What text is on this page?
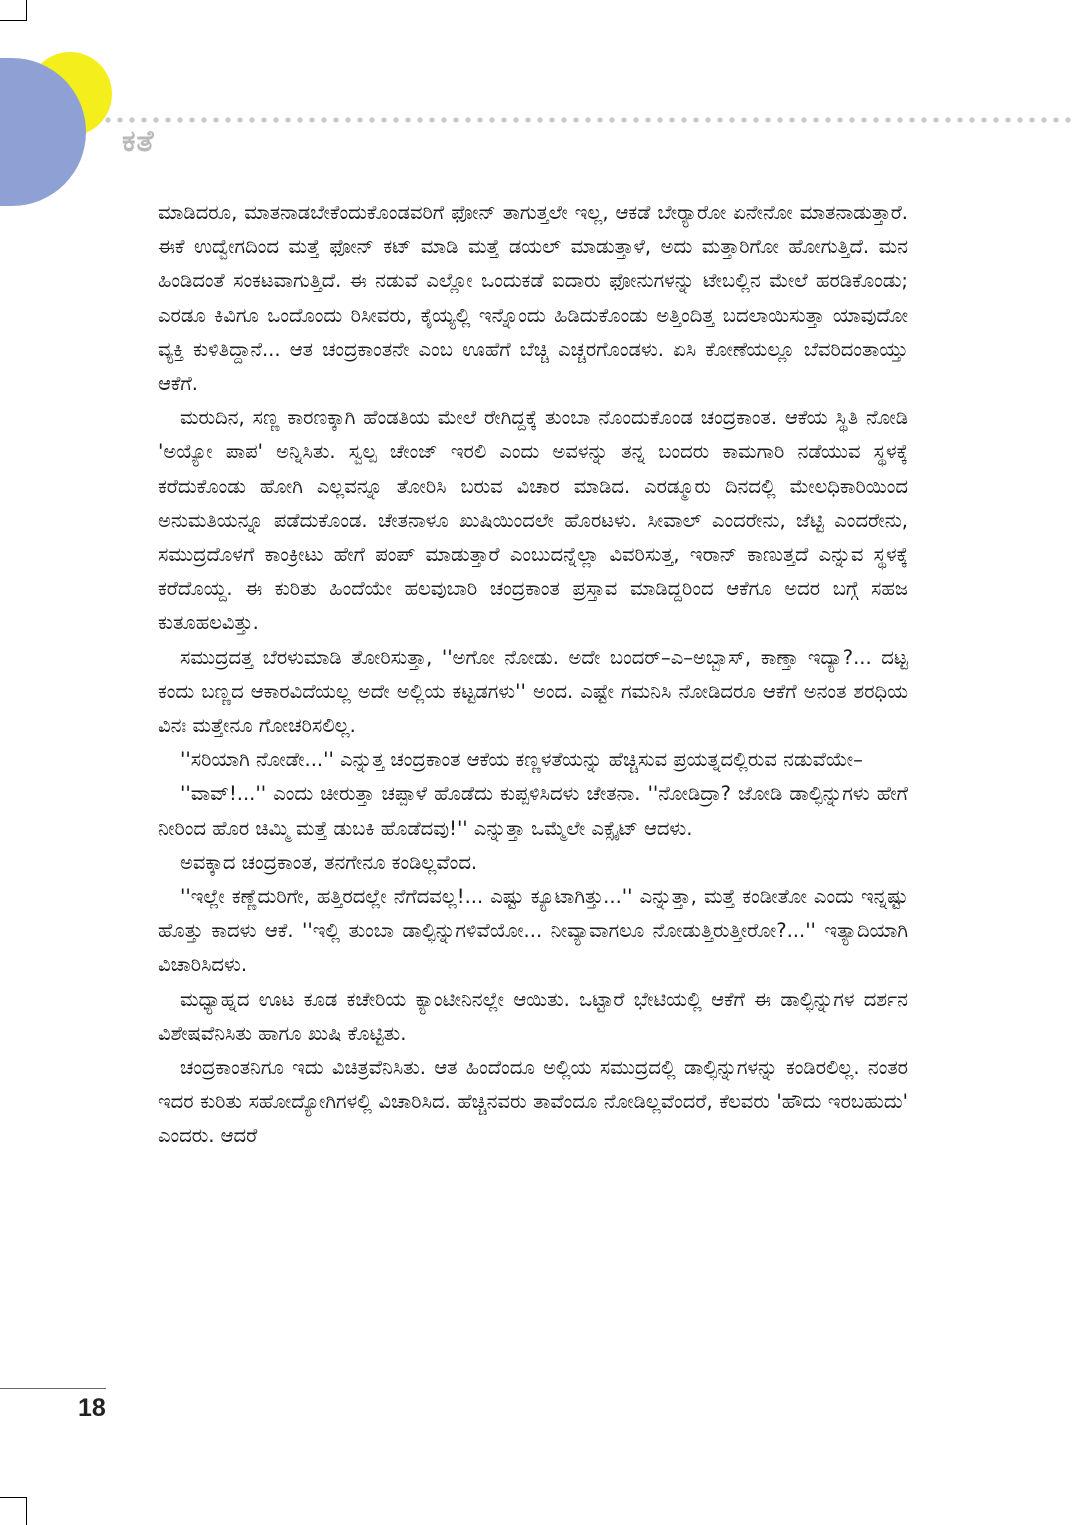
ಕತೆ

ಮಾಡಿದರೂ, ಮಾತನಾಡಬೇಕೆಂದುಕೊಂಡವರಿಗೆ ಫೋನ್ ತಾಗುತ್ತಲೇ ಇಲ್ಲ, ಆಕಡೆ ಬೇರ್‍ಯಾರೋ ಏನೇನೋ ಮಾತನಾಡುತ್ತಾರೆ. ಈಕೆ ಉದ್ವೇಗದಿಂದ ಮತ್ತೆ ಫೋನ್ ಕಟ್ ಮಾಡಿ ಮತ್ತೆ ಡಯಲ್ ಮಾಡುತ್ತಾಳೆ, ಅದು ಮತ್ತಾರಿಗೋ ಹೋಗುತ್ತಿದೆ. ಮನ ಹಿಂಡಿದಂತೆ ಸಂಕಟವಾಗುತ್ತಿದೆ. ಈ ನಡುವೆ ಎಲ್ಲೋ ಒಂದುಕಡೆ ಐದಾರು ಫೋನುಗಳನ್ನು ಟೇಬಲ್ಲಿನ ಮೇಲೆ ಹರಡಿಕೊಂಡು; ಎರಡೂ ಕಿವಿಗೂ ಒಂದೊಂದು ರಿಸೀವರು, ಕೈಯ್ಯಲ್ಲಿ ಇನ್ನೊಂದು ಹಿಡಿದುಕೊಂಡು ಅತ್ತಿಂದಿತ್ತ ಬದಲಾಯಿಸುತ್ತಾ ಯಾವುದೋ ವ್ಯಕ್ತಿ ಕುಳಿತಿದ್ದಾನೆ... ಆತ ಚಂದ್ರಕಾಂತನೇ ಎಂಬ ಊಹೆಗೆ ಬೆಚ್ಚಿ ಎಚ್ಚರಗೊಂಡಳು. ಏಸಿ ಕೋಣೆಯಲ್ಲೂ ಬೆವರಿದಂತಾಯ್ತು ಆಕೆಗೆ.

ಮರುದಿನ, ಸಣ್ಣ ಕಾರಣಕ್ಕಾಗಿ ಹೆಂಡತಿಯ ಮೇಲೆ ರೇಗಿದ್ದಕ್ಕೆ ತುಂಬಾ ನೊಂದುಕೊಂಡ ಚಂದ್ರಕಾಂತ. ಆಕೆಯ ಸ್ಥಿತಿ ನೋಡಿ 'ಅಯ್ಯೋ ಪಾಪ' ಅನ್ನಿಸಿತು. ಸ್ವಲ್ಪ ಚೇಂಜ್ ಇರಲಿ ಎಂದು ಅವಳನ್ನು ತನ್ನ ಬಂದರು ಕಾಮಗಾರಿ ನಡೆಯುವ ಸ್ಥಳಕ್ಕೆ ಕರೆದುಕೊಂಡು ಹೋಗಿ ಎಲ್ಲವನ್ನೂ ತೋರಿಸಿ ಬರುವ ವಿಚಾರ ಮಾಡಿದ. ಎರಡ್ಮೂರು ದಿನದಲ್ಲಿ ಮೇಲಧಿಕಾರಿಯಿಂದ ಅನುಮತಿಯನ್ನೂ ಪಡೆದುಕೊಂಡ. ಚೇತನಾಳೂ ಖುಷಿಯಿಂದಲೇ ಹೊರಟಳು. ಸೀವಾಲ್ ಎಂದರೇನು, ಜೆಟ್ಟಿ ಎಂದರೇನು, ಸಮುದ್ರದೊಳಗೆ ಕಾಂಕ್ರೀಟು ಹೇಗೆ ಪಂಪ್ ಮಾಡುತ್ತಾರೆ ಎಂಬುದನ್ನೆಲ್ಲಾ ವಿವರಿಸುತ್ತ, ಇರಾನ್ ಕಾಣುತ್ತದೆ ಎನ್ನುವ ಸ್ಥಳಕ್ಕೆ ಕರೆದೊಯ್ದ. ಈ ಕುರಿತು ಹಿಂದೆಯೇ ಹಲವುಬಾರಿ ಚಂದ್ರಕಾಂತ ಪ್ರಸ್ತಾವ ಮಾಡಿದ್ದರಿಂದ ಆಕೆಗೂ ಅದರ ಬಗ್ಗೆ ಸಹಜ ಕುತೂಹಲವಿತ್ತು.

ಸಮುದ್ರದತ್ತ ಬೆರಳುಮಾಡಿ ತೋರಿಸುತ್ತಾ, ''ಅಗೋ ನೋಡು. ಅದೇ ಬಂದರ್–ಎ–ಅಬ್ಬಾಸ್, ಕಾಣ್ತಾ ಇದ್ಯಾ?... ದಟ್ಟ ಕಂದು ಬಣ್ಣದ ಆಕಾರವಿದೆಯಲ್ಲ ಅದೇ ಅಲ್ಲಿಯ ಕಟ್ಟಡಗಳು'' ಅಂದ. ಎಷ್ಟೇ ಗಮನಿಸಿ ನೋಡಿದರೂ ಆಕೆಗೆ ಅನಂತ ಶರಧಿಯ ವಿನಃ ಮತ್ತೇನೂ ಗೋಚರಿಸಲಿಲ್ಲ.

''ಸರಿಯಾಗಿ ನೋಡೇ...'' ಎನ್ನುತ್ತ ಚಂದ್ರಕಾಂತ ಆಕೆಯ ಕಣ್ಣಳತೆಯನ್ನು ಹೆಚ್ಚಿಸುವ ಪ್ರಯತ್ನದಲ್ಲಿರುವ ನಡುವೆಯೇ–

''ವಾವ್!...'' ಎಂದು ಚೀರುತ್ತಾ ಚಪ್ಪಾಳೆ ಹೊಡೆದು ಕುಪ್ಪಳಿಸಿದಳು ಚೇತನಾ. ''ನೋಡಿದ್ರಾ? ಜೋಡಿ ಡಾಲ್ಫಿನ್ನುಗಳು ಹೇಗೆ ನೀರಿಂದ ಹೊರ ಚಿಮ್ಮಿ ಮತ್ತೆ ಡುಬಕಿ ಹೊಡೆದವು!'' ಎನ್ನುತ್ತಾ ಒಮ್ಮೆಲೇ ಎಕ್ಸೈಟ್ ಆದಳು.

ಅವಕ್ಕಾದ ಚಂದ್ರಕಾಂತ, ತನಗೇನೂ ಕಂಡಿಲ್ಲವೆಂದ.

''ಇಲ್ಲೇ ಕಣ್ಣೆದುರಿಗೇ, ಹತ್ತಿರದಲ್ಲೇ ನೆಗೆದವಲ್ಲ!... ಎಷ್ಟು ಕ್ಯೂಟಾಗಿತ್ತು...'' ಎನ್ನುತ್ತಾ, ಮತ್ತೆ ಕಂಡೀತೋ ಎಂದು ಇನ್ನಷ್ಟು ಹೊತ್ತು ಕಾದಳು ಆಕೆ. ''ಇಲ್ಲಿ ತುಂಬಾ ಡಾಲ್ಫಿನ್ನುಗಳಿವೆಯೋ... ನೀವ್ಯಾವಾಗಲೂ ನೋಡುತ್ತಿರುತ್ತೀರೋ?...'' ಇತ್ಯಾದಿಯಾಗಿ ವಿಚಾರಿಸಿದಳು.

ಮಧ್ಯಾಹ್ನದ ಊಟ ಕೂಡ ಕಚೇರಿಯ ಕ್ಯಾಂಟೀನಿನಲ್ಲೇ ಆಯಿತು. ಒಟ್ಟಾರೆ ಭೇಟಿಯಲ್ಲಿ ಆಕೆಗೆ ಈ ಡಾಲ್ಫಿನ್ನುಗಳ ದರ್ಶನ ವಿಶೇಷವೆನಿಸಿತು ಹಾಗೂ ಖುಷಿ ಕೊಟ್ಟಿತು.

ಚಂದ್ರಕಾಂತನಿಗೂ ಇದು ವಿಚಿತ್ರವೆನಿಸಿತು. ಆತ ಹಿಂದೆಂದೂ ಅಲ್ಲಿಯ ಸಮುದ್ರದಲ್ಲಿ ಡಾಲ್ಫಿನ್ನುಗಳನ್ನು ಕಂಡಿರಲಿಲ್ಲ. ನಂತರ ಇದರ ಕುರಿತು ಸಹೋದ್ಯೋಗಿಗಳಲ್ಲಿ ವಿಚಾರಿಸಿದ. ಹೆಚ್ಚಿನವರು ತಾವೆಂದೂ ನೋಡಿಲ್ಲವೆಂದರೆ, ಕೆಲವರು 'ಹೌದು ಇರಬಹುದು' ಎಂದರು. ಆದರೆ

18
